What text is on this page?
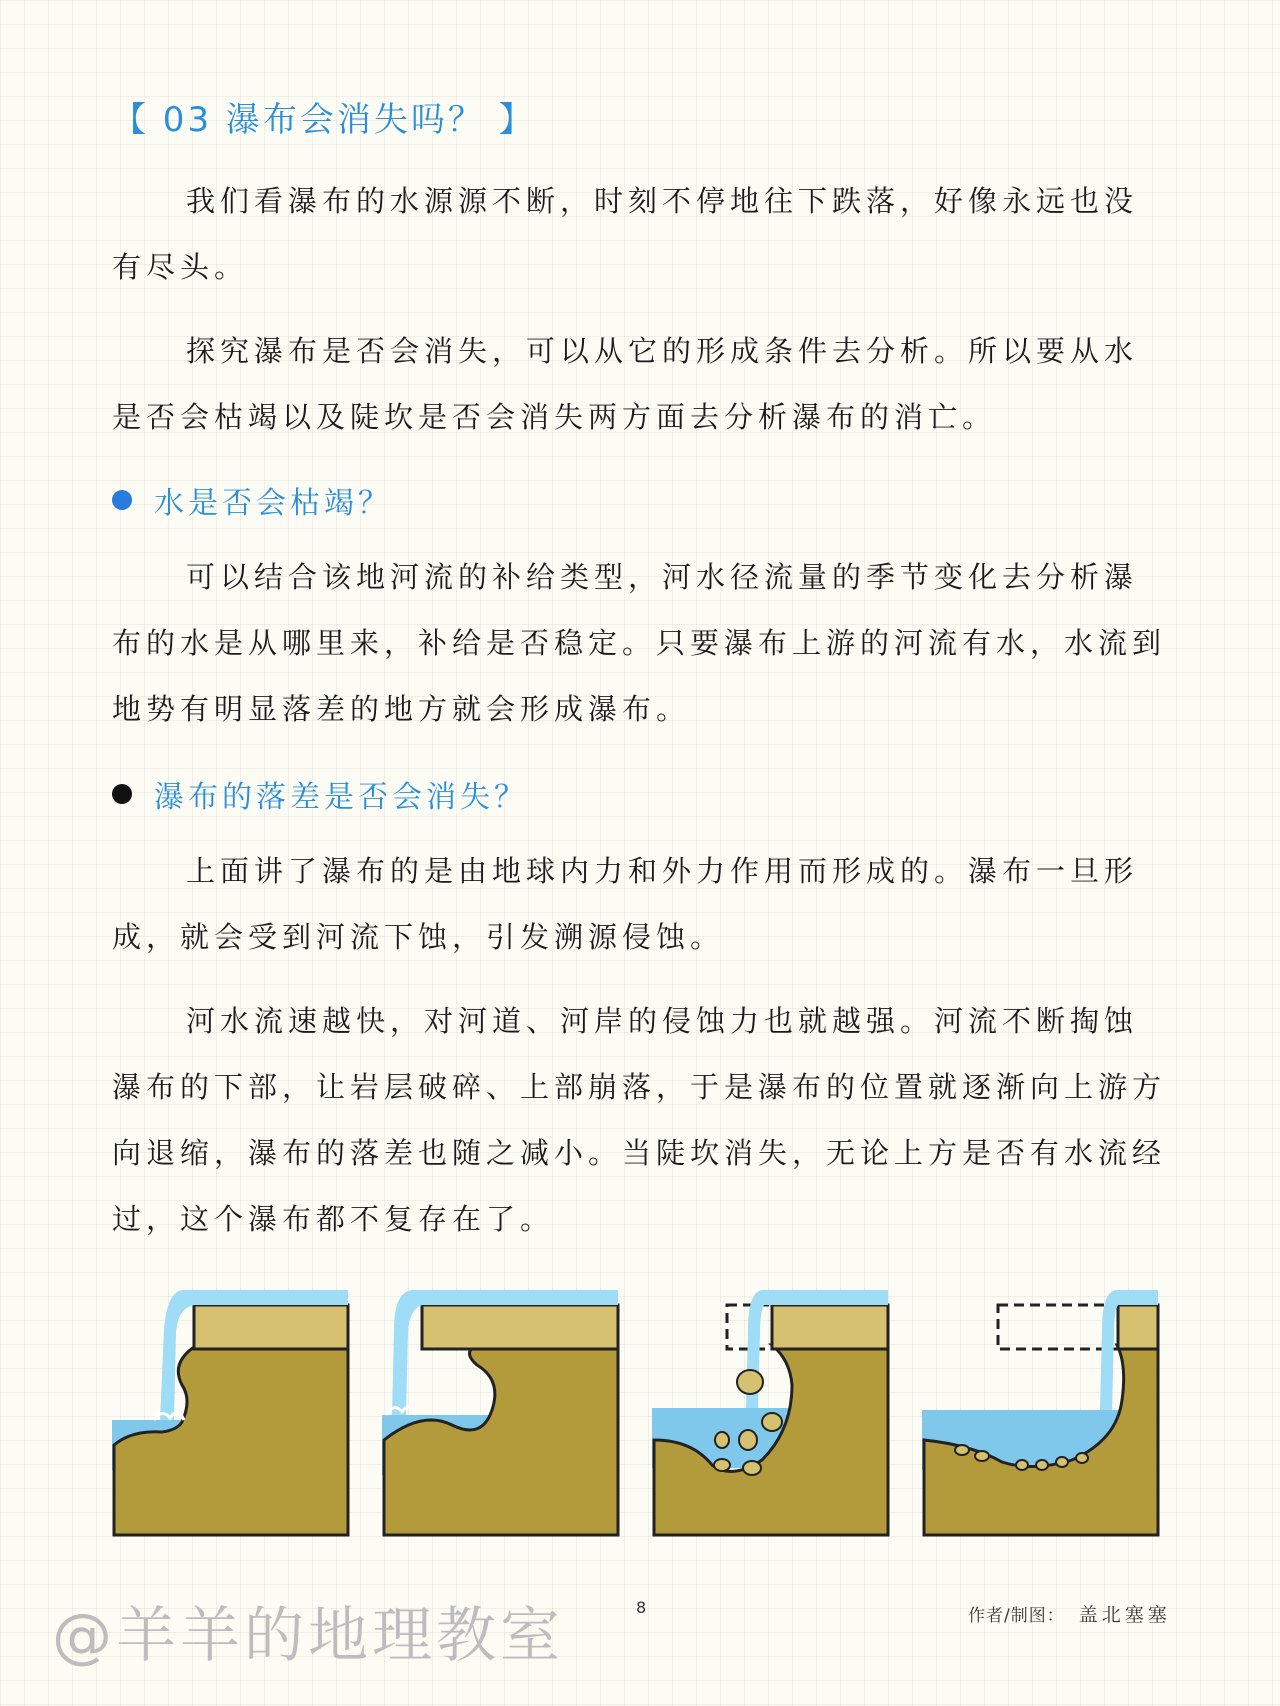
【 03 瀑布会消失吗？ 】

我们看瀑布的水源源不断，时刻不停地往下跌落，好像永远也没有尽头。

探究瀑布是否会消失，可以从它的形成条件去分析。所以要从水是否会枯竭以及陡坎是否会消失两方面去分析瀑布的消亡。

水是否会枯竭？

可以结合该地河流的补给类型，河水径流量的季节变化去分析瀑布的水是从哪里来，补给是否稳定。只要瀑布上游的河流有水，水流到地势有明显落差的地方就会形成瀑布。

瀑布的落差是否会消失？

上面讲了瀑布的是由地球内力和外力作用而形成的。瀑布一旦形成，就会受到河流下蚀，引发溯源侵蚀。

河水流速越快，对河道、河岸的侵蚀力也就越强。河流不断掏蚀瀑布的下部，让岩层破碎、上部崩落，于是瀑布的位置就逐渐向上游方向退缩，瀑布的落差也随之减小。当陡坎消失，无论上方是否有水流经过，这个瀑布都不复存在了。

@羊羊的地理教室	8	作者/制图： 盖北塞塞
